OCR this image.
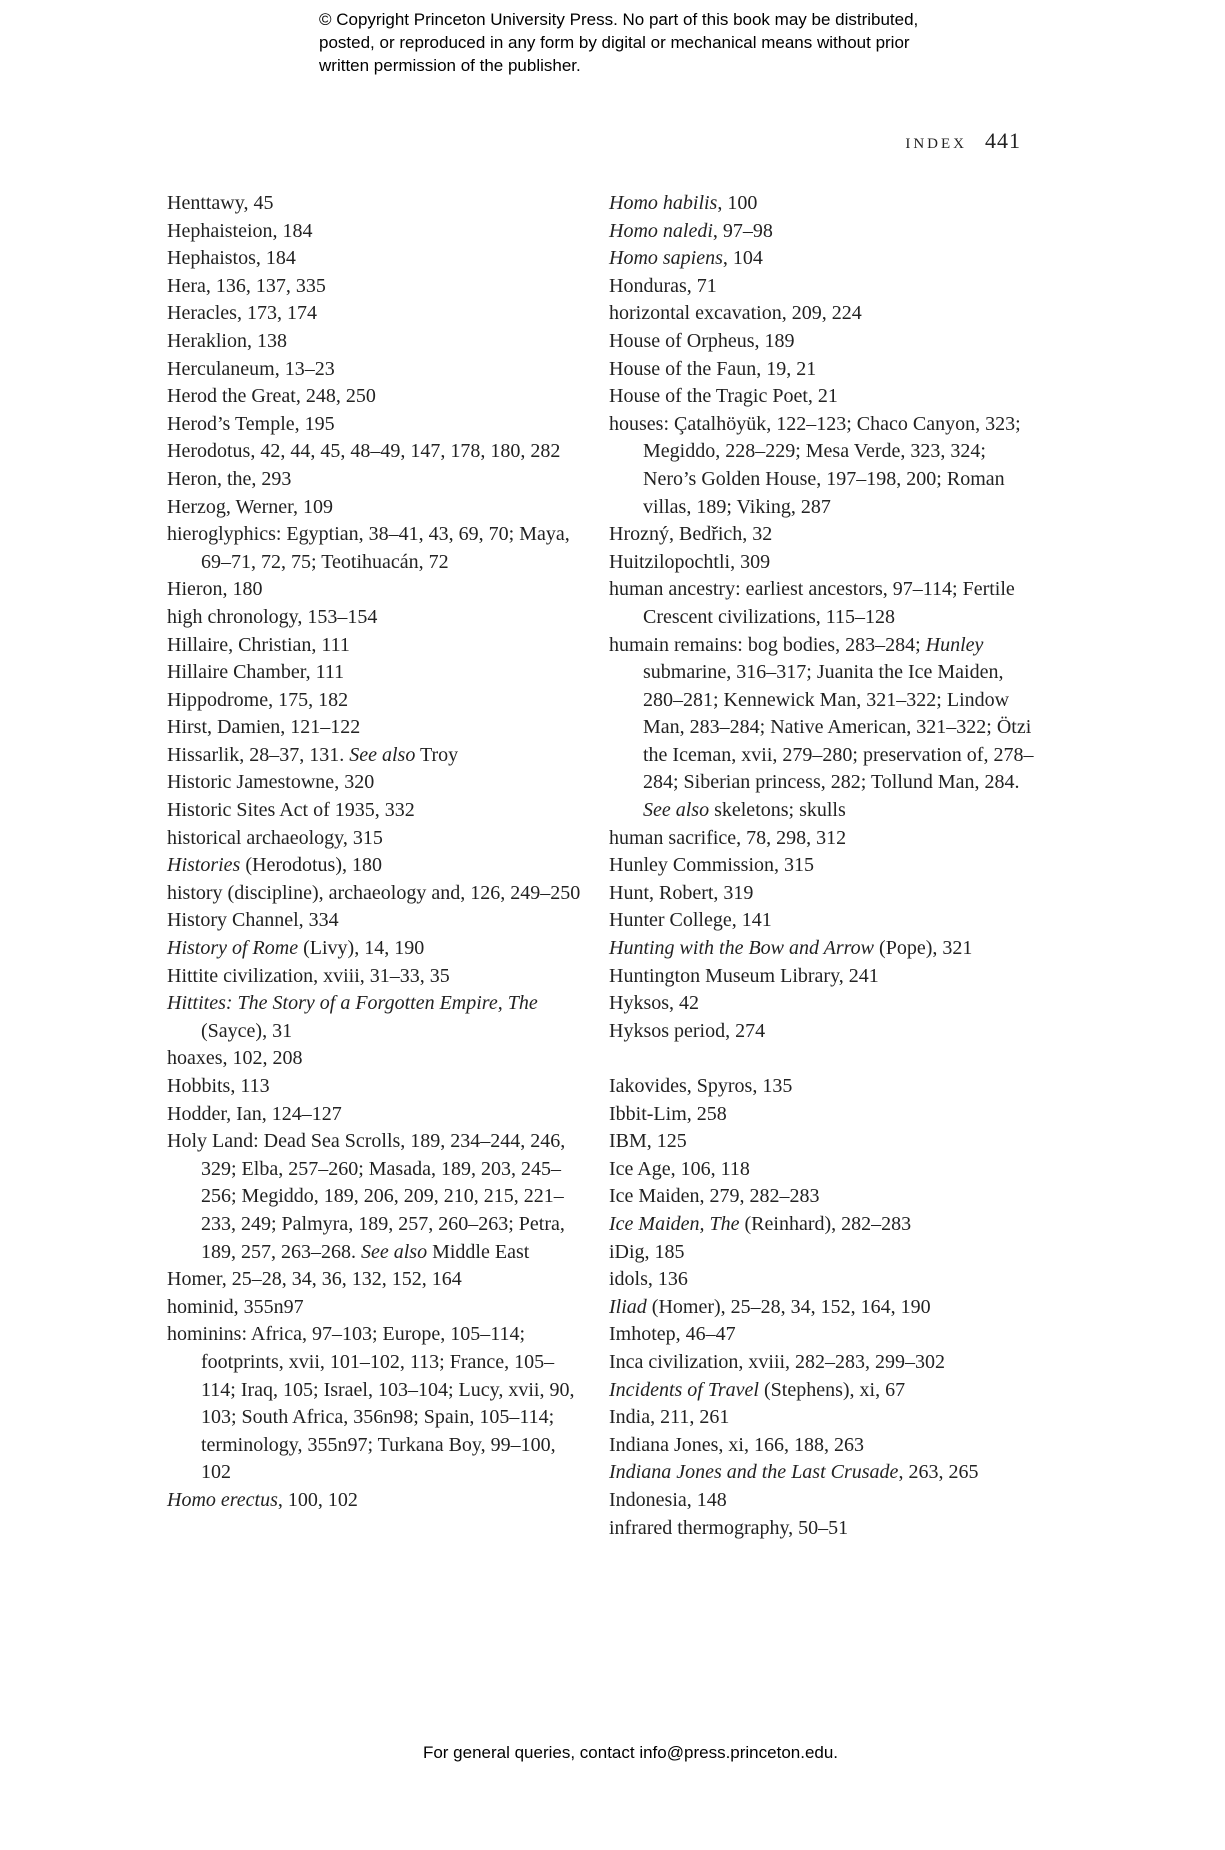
© Copyright Princeton University Press. No part of this book may be distributed, posted, or reproduced in any form by digital or mechanical means without prior written permission of the publisher.
INDEX 441
Henttawy, 45
Hephaisteion, 184
Hephaistos, 184
Hera, 136, 137, 335
Heracles, 173, 174
Heraklion, 138
Herculaneum, 13–23
Herod the Great, 248, 250
Herod’s Temple, 195
Herodotus, 42, 44, 45, 48–49, 147, 178, 180, 282
Heron, the, 293
Herzog, Werner, 109
hieroglyphics: Egyptian, 38–41, 43, 69, 70; Maya, 69–71, 72, 75; Teotihuacán, 72
Hieron, 180
high chronology, 153–154
Hillaire, Christian, 111
Hillaire Chamber, 111
Hippodrome, 175, 182
Hirst, Damien, 121–122
Hissarlik, 28–37, 131. See also Troy
Historic Jamestowne, 320
Historic Sites Act of 1935, 332
historical archaeology, 315
Histories (Herodotus), 180
history (discipline), archaeology and, 126, 249–250
History Channel, 334
History of Rome (Livy), 14, 190
Hittite civilization, xviii, 31–33, 35
Hittites: The Story of a Forgotten Empire, The (Sayce), 31
hoaxes, 102, 208
Hobbits, 113
Hodder, Ian, 124–127
Holy Land: Dead Sea Scrolls, 189, 234–244, 246, 329; Elba, 257–260; Masada, 189, 203, 245–256; Megiddo, 189, 206, 209, 210, 215, 221–233, 249; Palmyra, 189, 257, 260–263; Petra, 189, 257, 263–268. See also Middle East
Homer, 25–28, 34, 36, 132, 152, 164
hominid, 355n97
hominins: Africa, 97–103; Europe, 105–114; footprints, xvii, 101–102, 113; France, 105–114; Iraq, 105; Israel, 103–104; Lucy, xvii, 90, 103; South Africa, 356n98; Spain, 105–114; terminology, 355n97; Turkana Boy, 99–100, 102
Homo erectus, 100, 102
Homo habilis, 100
Homo naledi, 97–98
Homo sapiens, 104
Honduras, 71
horizontal excavation, 209, 224
House of Orpheus, 189
House of the Faun, 19, 21
House of the Tragic Poet, 21
houses: Çatalhöyük, 122–123; Chaco Canyon, 323; Megiddo, 228–229; Mesa Verde, 323, 324; Nero’s Golden House, 197–198, 200; Roman villas, 189; Viking, 287
Hrozný, Bedřich, 32
Huitzilopochtli, 309
human ancestry: earliest ancestors, 97–114; Fertile Crescent civilizations, 115–128
humain remains: bog bodies, 283–284; Hunley submarine, 316–317; Juanita the Ice Maiden, 280–281; Kennewick Man, 321–322; Lindow Man, 283–284; Native American, 321–322; Ötzi the Iceman, xvii, 279–280; preservation of, 278–284; Siberian princess, 282; Tollund Man, 284. See also skeletons; skulls
human sacrifice, 78, 298, 312
Hunley Commission, 315
Hunt, Robert, 319
Hunter College, 141
Hunting with the Bow and Arrow (Pope), 321
Huntington Museum Library, 241
Hyksos, 42
Hyksos period, 274
Iakovides, Spyros, 135
Ibbit-Lim, 258
IBM, 125
Ice Age, 106, 118
Ice Maiden, 279, 282–283
Ice Maiden, The (Reinhard), 282–283
iDig, 185
idols, 136
Iliad (Homer), 25–28, 34, 152, 164, 190
Imhotep, 46–47
Inca civilization, xviii, 282–283, 299–302
Incidents of Travel (Stephens), xi, 67
India, 211, 261
Indiana Jones, xi, 166, 188, 263
Indiana Jones and the Last Crusade, 263, 265
Indonesia, 148
infrared thermography, 50–51
For general queries, contact info@press.princeton.edu.
